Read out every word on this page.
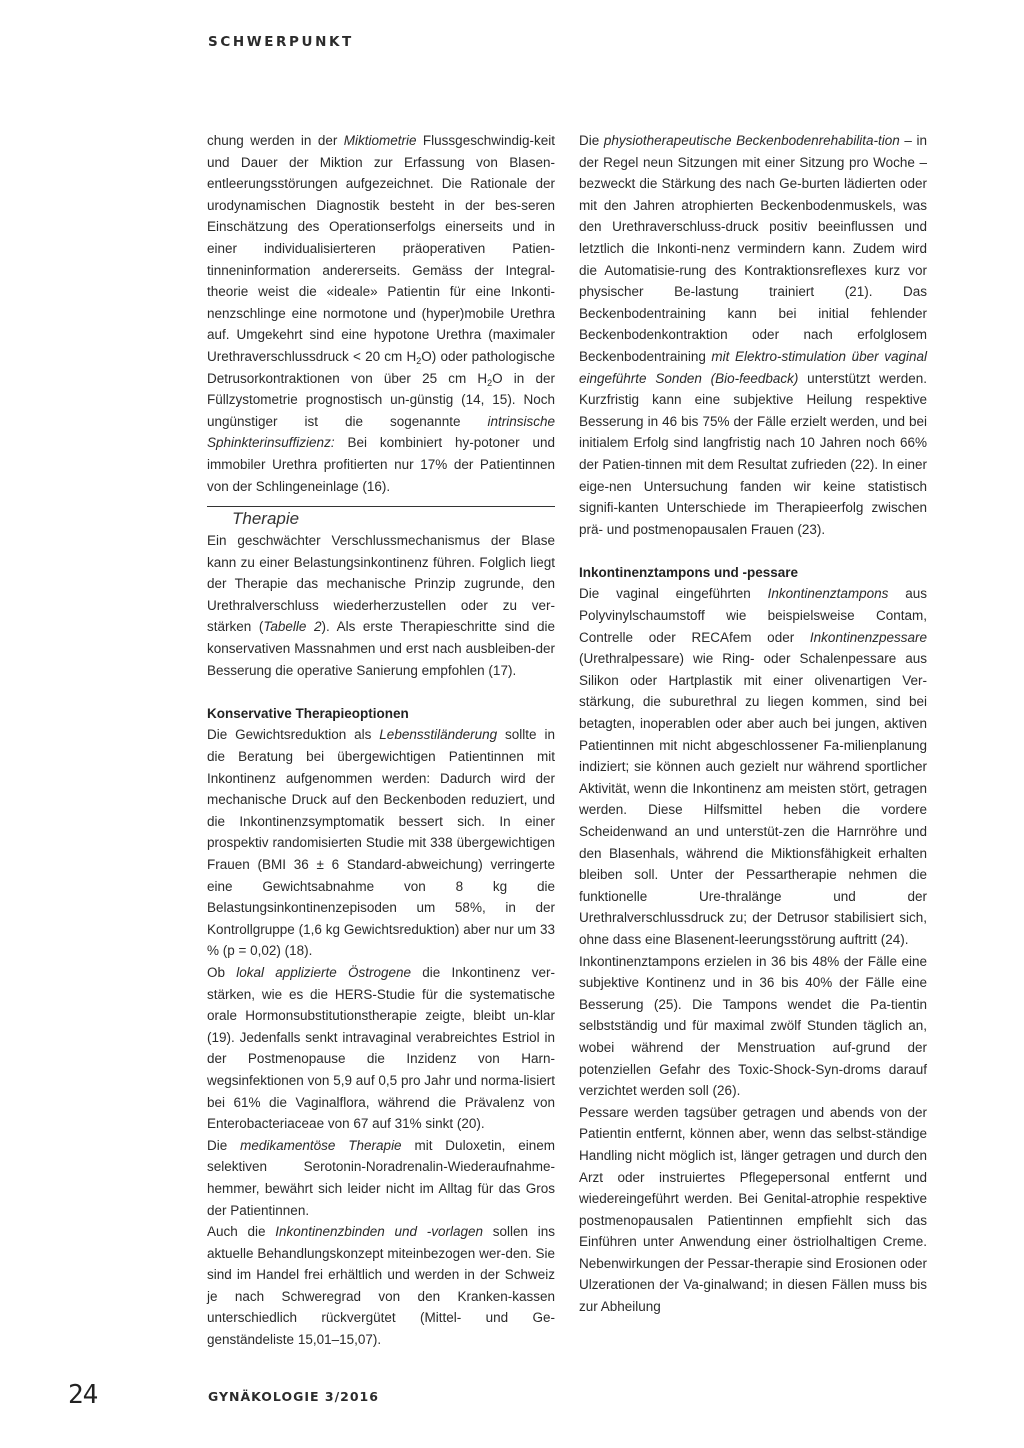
SCHWERPUNKT

chung werden in der Miktiometrie Flussgeschwindig-keit und Dauer der Miktion zur Erfassung von Blasen-entleerungsstörungen aufgezeichnet. Die Rationale der urodynamischen Diagnostik besteht in der bes-seren Einschätzung des Operationserfolgs einerseits und in einer individualisierteren präoperativen Patien-tinneninformation andererseits. Gemäss der Integral-theorie weist die «ideale» Patientin für eine Inkonti-nenzschlinge eine normotone und (hyper)mobile Urethra auf. Umgekehrt sind eine hypotone Urethra (maximaler Urethraverschlussdruck < 20 cm $H_2O$) oder pathologische Detrusorkontraktionen von über 25 cm $H_2O$ in der Füllzystometrie prognostisch un-günstig (14, 15). Noch ungünstiger ist die sogenannte intrinsische Sphinkterinsuffizienz: Bei kombiniert hy-potoner und immobiler Urethra profitierten nur 17% der Patientinnen von der Schlingeneinlage (16).

Therapie

Ein geschwächter Verschlussmechanismus der Blase kann zu einer Belastungsinkontinenz führen. Folglich liegt der Therapie das mechanische Prinzip zugrunde, den Urethralverschluss wiederherzustellen oder zu ver-stärken (Tabelle 2). Als erste Therapieschritte sind die konservativen Massnahmen und erst nach ausbleiben-der Besserung die operative Sanierung empfohlen (17).

Konservative Therapieoptionen

Die Gewichtsreduktion als Lebensstiländerung sollte in die Beratung bei übergewichtigen Patientinnen mit Inkontinenz aufgenommen werden: Dadurch wird der mechanische Druck auf den Beckenboden reduziert, und die Inkontinenzsymptomatik bessert sich. In einer prospektiv randomisierten Studie mit 338 übergewichtigen Frauen (BMI 36 ± 6 Standard-abweichung) verringerte eine Gewichtsabnahme von 8 kg die Belastungsinkontinenzepisoden um 58%, in der Kontrollgruppe (1,6 kg Gewichtsreduktion) aber nur um 33 % (p = 0,02) (18).

Ob lokal applizierte Östrogene die Inkontinenz ver-stärken, wie es die HERS-Studie für die systematische orale Hormonsubstitutionstherapie zeigte, bleibt un-klar (19). Jedenfalls senkt intravaginal verabreichtes Estriol in der Postmenopause die Inzidenz von Harn-wegsinfektionen von 5,9 auf 0,5 pro Jahr und norma-lisiert bei 61% die Vaginalflora, während die Prävalenz von Enterobacteriaceae von 67 auf 31% sinkt (20).

Die medikamentöse Therapie mit Duloxetin, einem selektiven Serotonin-Noradrenalin-Wiederaufnahme-hemmer, bewährt sich leider nicht im Alltag für das Gros der Patientinnen.

Auch die Inkontinenzbinden und -vorlagen sollen ins aktuelle Behandlungskonzept miteinbezogen wer-den. Sie sind im Handel frei erhältlich und werden in der Schweiz je nach Schweregrad von den Kranken-kassen unterschiedlich rückvergütet (Mittel- und Ge-genständeliste 15,01–15,07).

Die physiotherapeutische Beckenbodenrehabilita-tion – in der Regel neun Sitzungen mit einer Sitzung pro Woche – bezweckt die Stärkung des nach Ge-burten lädierten oder mit den Jahren atrophierten Beckenbodenmuskels, was den Urethraverschluss-druck positiv beeinflussen und letztlich die Inkonti-nenz vermindern kann. Zudem wird die Automatisie-rung des Kontraktionsreflexes kurz vor physischer Be-lastung trainiert (21). Das Beckenbodentraining kann bei initial fehlender Beckenbodenkontraktion oder nach erfolglosem Beckenbodentraining mit Elektro-stimulation über vaginal eingeführte Sonden (Bio-feedback) unterstützt werden. Kurzfristig kann eine subjektive Heilung respektive Besserung in 46 bis 75% der Fälle erzielt werden, und bei initialem Erfolg sind langfristig nach 10 Jahren noch 66% der Patien-tinnen mit dem Resultat zufrieden (22). In einer eige-nen Untersuchung fanden wir keine statistisch signifi-kanten Unterschiede im Therapieerfolg zwischen prä- und postmenopausalen Frauen (23).

Inkontinenztampons und -pessare

Die vaginal eingeführten Inkontinenztampons aus Polyvinylschaumstoff wie beispielsweise Contam, Contrelle oder RECAfem oder Inkontinenzpessare (Urethralpessare) wie Ring- oder Schalenpessare aus Silikon oder Hartplastik mit einer olivenartigen Ver-stärkung, die suburethral zu liegen kommen, sind bei betagten, inoperablen oder aber auch bei jungen, aktiven Patientinnen mit nicht abgeschlossener Fa-milienplanung indiziert; sie können auch gezielt nur während sportlicher Aktivität, wenn die Inkontinenz am meisten stört, getragen werden. Diese Hilfsmittel heben die vordere Scheidenwand an und unterstüt-zen die Harnröhre und den Blasenhals, während die Miktionsfähigkeit erhalten bleiben soll. Unter der Pessartherapie nehmen die funktionelle Ure-thralänge und der Urethralverschlussdruck zu; der Detrusor stabilisiert sich, ohne dass eine Blasenent-leerungsstörung auftritt (24).

Inkontinenztampons erzielen in 36 bis 48% der Fälle eine subjektive Kontinenz und in 36 bis 40% der Fälle eine Besserung (25). Die Tampons wendet die Pa-tientin selbstständig und für maximal zwölf Stunden täglich an, wobei während der Menstruation auf-grund der potenziellen Gefahr des Toxic-Shock-Syn-droms darauf verzichtet werden soll (26).

Pessare werden tagsüber getragen und abends von der Patientin entfernt, können aber, wenn das selbst-ständige Handling nicht möglich ist, länger getragen und durch den Arzt oder instruiertes Pflegepersonal entfernt und wiedereingeführt werden. Bei Genital-atrophie respektive postmenopausalen Patientinnen empfiehlt sich das Einführen unter Anwendung einer östriolhaltigen Creme. Nebenwirkungen der Pessar-therapie sind Erosionen oder Ulzerationen der Va-ginalwand; in diesen Fällen muss bis zur Abheilung

24	GYNÄKOLOGIE 3/2016
